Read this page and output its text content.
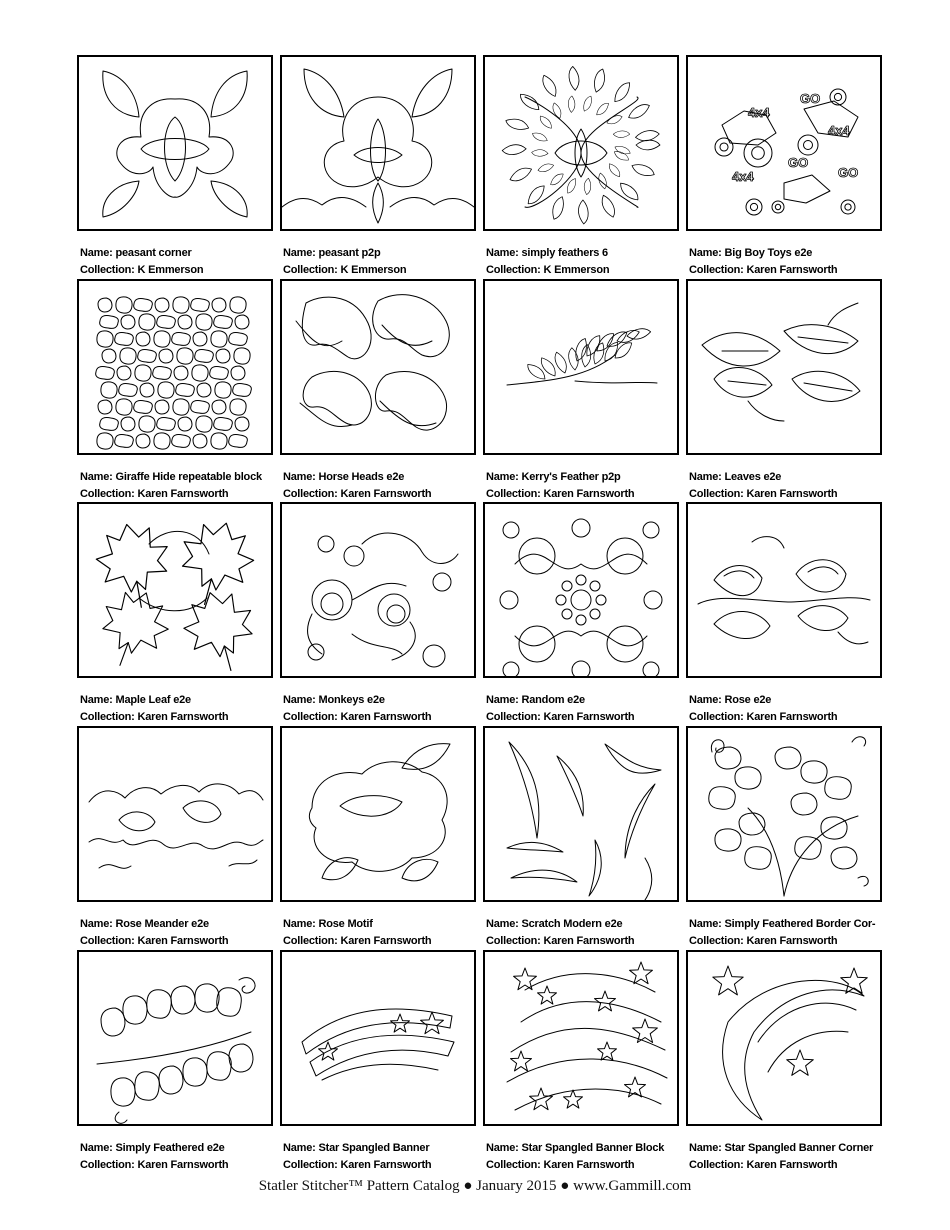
Name: peasant corner
Collection: K Emmerson
Name: peasant p2p
Collection: K Emmerson
Name: simply feathers 6
Collection: K Emmerson
4x4
GO
4x4
4x4
GO
GO
Name: Big Boy Toys e2e
Collection: Karen Farnsworth
Name: Giraffe Hide repeatable block
Collection: Karen Farnsworth
Name: Horse Heads e2e
Collection: Karen Farnsworth
Name: Kerry's Feather p2p
Collection: Karen Farnsworth
Name: Leaves e2e
Collection: Karen Farnsworth
Name: Maple Leaf e2e
Collection: Karen Farnsworth
Name: Monkeys e2e
Collection: Karen Farnsworth
Name: Random e2e
Collection: Karen Farnsworth
Name: Rose e2e
Collection: Karen Farnsworth
Name: Rose Meander e2e
Collection: Karen Farnsworth
Name: Rose Motif
Collection: Karen Farnsworth
Name: Scratch Modern e2e
Collection: Karen Farnsworth
Name: Simply Feathered Border Cor-
Collection: Karen Farnsworth
Name: Simply Feathered e2e
Collection: Karen Farnsworth
Name: Star Spangled Banner
Collection: Karen Farnsworth
Name: Star Spangled Banner Block
Collection: Karen Farnsworth
Name: Star Spangled Banner Corner
Collection: Karen Farnsworth
Statler Stitcher™ Pattern Catalog ● January 2015 ● www.Gammill.com
